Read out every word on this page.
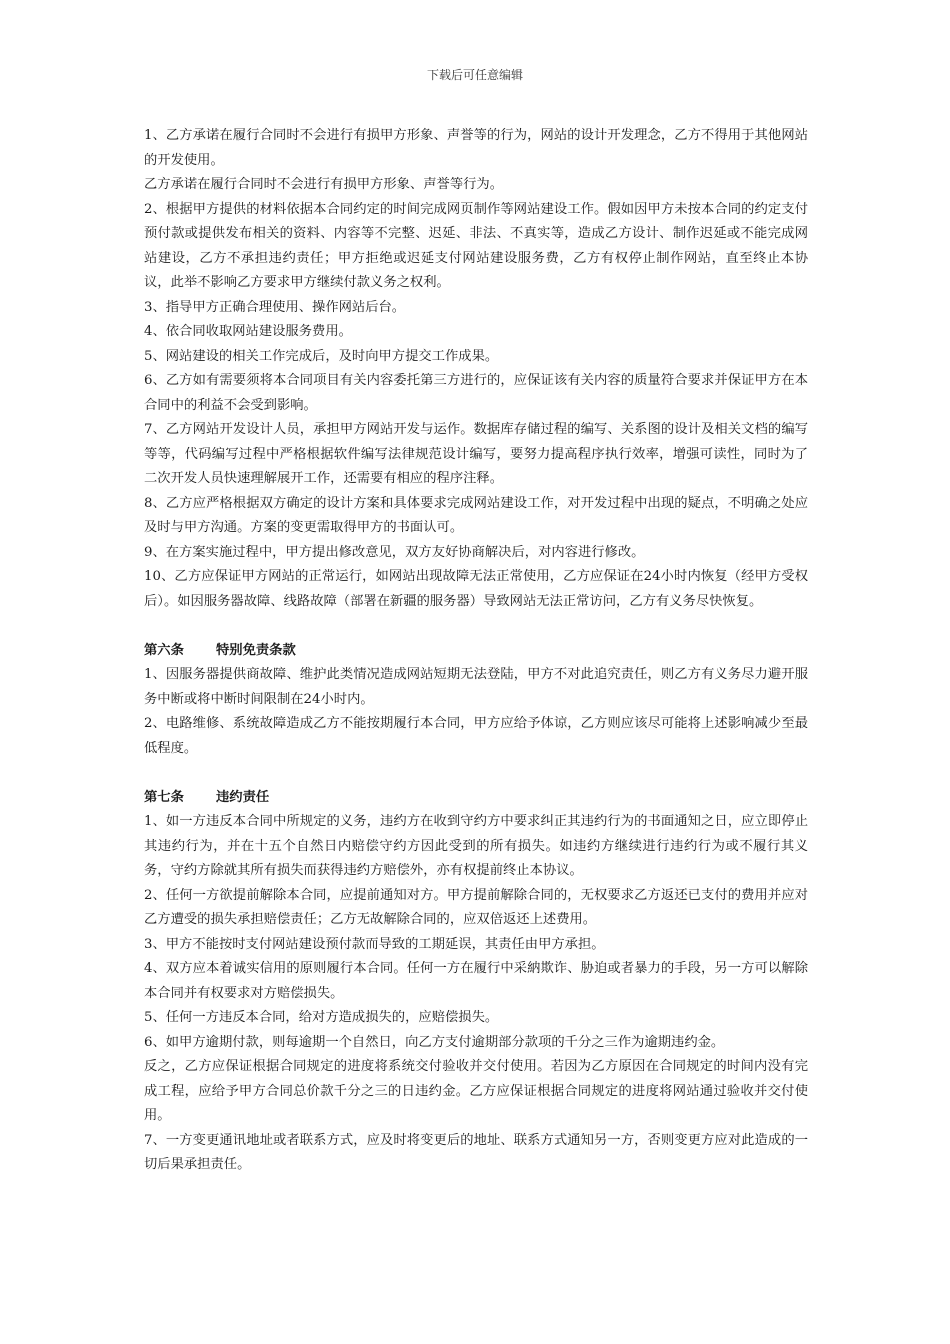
下载后可任意编辑

1、乙方承诺在履行合同时不会进行有损甲方形象、声誉等的行为，网站的设计开发理念，乙方不得用于其他网站的开发使用。

乙方承诺在履行合同时不会进行有损甲方形象、声誉等行为。

2、根据甲方提供的材料依据本合同约定的时间完成网页制作等网站建设工作。假如因甲方未按本合同的约定支付预付款或提供发布相关的资料、内容等不完整、迟延、非法、不真实等，造成乙方设计、制作迟延或不能完成网站建设，乙方不承担违约责任；甲方拒绝或迟延支付网站建设服务费，乙方有权停止制作网站，直至终止本协议，此举不影响乙方要求甲方继续付款义务之权利。

3、指导甲方正确合理使用、操作网站后台。

4、依合同收取网站建设服务费用。

5、网站建设的相关工作完成后，及时向甲方提交工作成果。

6、乙方如有需要须将本合同项目有关内容委托第三方进行的，应保证该有关内容的质量符合要求并保证甲方在本合同中的利益不会受到影响。

7、乙方网站开发设计人员，承担甲方网站开发与运作。数据库存储过程的编写、关系图的设计及相关文档的编写等等，代码编写过程中严格根据软件编写法律规范设计编写，要努力提高程序执行效率，增强可读性，同时为了二次开发人员快速理解展开工作，还需要有相应的程序注释。

8、乙方应严格根据双方确定的设计方案和具体要求完成网站建设工作，对开发过程中出现的疑点，不明确之处应及时与甲方沟通。方案的变更需取得甲方的书面认可。

9、在方案实施过程中，甲方提出修改意见，双方友好协商解决后，对内容进行修改。

10、乙方应保证甲方网站的正常运行，如网站出现故障无法正常使用，乙方应保证在24小时内恢复（经甲方受权后）。如因服务器故障、线路故障（部署在新疆的服务器）导致网站无法正常访问，乙方有义务尽快恢复。

第六条 特别免责条款

1、因服务器提供商故障、维护此类情况造成网站短期无法登陆，甲方不对此追究责任，则乙方有义务尽力避开服务中断或将中断时间限制在24小时内。

2、电路维修、系统故障造成乙方不能按期履行本合同，甲方应给予体谅，乙方则应该尽可能将上述影响减少至最低程度。

第七条 违约责任

1、如一方违反本合同中所规定的义务，违约方在收到守约方中要求纠正其违约行为的书面通知之日，应立即停止其违约行为，并在十五个自然日内赔偿守约方因此受到的所有损失。如违约方继续进行违约行为或不履行其义务，守约方除就其所有损失而获得违约方赔偿外，亦有权提前终止本协议。

2、任何一方欲提前解除本合同，应提前通知对方。甲方提前解除合同的，无权要求乙方返还已支付的费用并应对乙方遭受的损失承担赔偿责任；乙方无故解除合同的，应双倍返还上述费用。

3、甲方不能按时支付网站建设预付款而导致的工期延误，其责任由甲方承担。

4、双方应本着诚实信用的原则履行本合同。任何一方在履行中采納欺诈、胁迫或者暴力的手段，另一方可以解除本合同并有权要求对方赔偿损失。

5、任何一方违反本合同，给对方造成损失的，应赔偿损失。

6、如甲方逾期付款，则每逾期一个自然日，向乙方支付逾期部分款项的千分之三作为逾期违约金。

反之，乙方应保证根据合同规定的进度将系统交付验收并交付使用。若因为乙方原因在合同规定的时间内没有完成工程，应给予甲方合同总价款千分之三的日违约金。乙方应保证根据合同规定的进度将网站通过验收并交付使用。

7、一方变更通讯地址或者联系方式，应及时将变更后的地址、联系方式通知另一方，否则变更方应对此造成的一切后果承担责任。
